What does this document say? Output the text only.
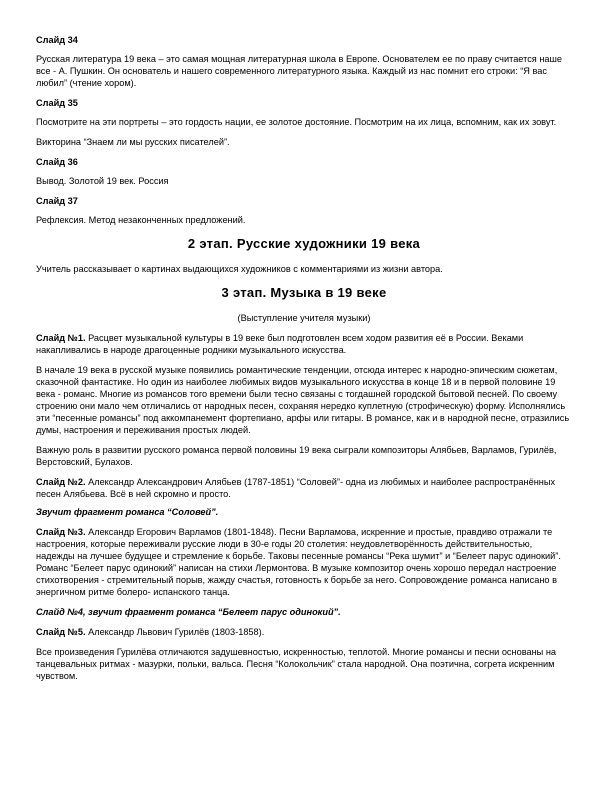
Слайд 34

Русская литература 19 века – это самая мощная литературная школа в Европе. Основателем ее по праву считается наше все - А. Пушкин. Он основатель и нашего современного литературного языка. Каждый из нас помнит его строки: “Я вас любил” (чтение хором).

Слайд 35

Посмотрите на эти портреты – это гордость нации, ее золотое достояние. Посмотрим на их лица, вспомним, как их зовут.

Викторина “Знаем ли мы русских писателей”.

Слайд 36

Вывод. Золотой 19 век. Россия

Слайд 37

Рефлексия. Метод незаконченных предложений.

2 этап. Русские художники 19 века

Учитель рассказывает о картинах выдающихся художников с комментариями из жизни автора.

3 этап. Музыка в 19 веке

(Выступление учителя музыки)

Слайд №1. Расцвет музыкальной культуры в 19 веке был подготовлен всем ходом развития её в России. Веками накапливались в народе драгоценные родники музыкального искусства.

В начале 19 века в русской музыке появились романтические тенденции, отсюда интерес к народно-эпическим сюжетам, сказочной фантастике. Но один из наиболее любимых видов музыкального искусства в конце 18 и в первой половине 19 века - романс. Многие из романсов того времени были тесно связаны с тогдашней городской бытовой песней. По своему строению они мало чем отличались от народных песен, сохраняя нередко куплетную (строфическую) форму. Исполнялись эти “песенные романсы” под аккомпанемент фортепиано, арфы или гитары. В романсе, как и в народной песне, отразились думы, настроения и переживания простых людей.

Важную роль в развитии русского романса первой половины 19 века сыграли композиторы Алябьев, Варламов, Гурилёв, Верстовский, Булахов.

Слайд №2. Александр Александрович Алябьев (1787-1851) “Соловей”- одна из любимых и наиболее распространённых песен Алябьева. Всё в ней скромно и просто.

Звучит фрагмент романса “Соловей”.

Слайд №3. Александр Егорович Варламов (1801-1848). Песни Варламова, искренние и простые, правдиво отражали те настроения, которые переживали русские люди в 30-е годы 20 столетия: неудовлетворённость действительностью, надежды на лучшее будущее и стремление к борьбе. Таковы песенные романсы “Река шумит” и “Белеет парус одинокий”. Романс “Белеет парус одинокий” написан на стихи Лермонтова. В музыке композитор очень хорошо передал настроение стихотворения - стремительный порыв, жажду счастья, готовность к борьбе за него. Сопровождение романса написано в энергичном ритме болеро- испанского танца.

Слайд №4, звучит фрагмент романса “Белеет парус одинокий”.

Слайд №5. Александр Львович Гурилёв (1803-1858).

Все произведения Гурилёва отличаются задушевностью, искренностью, теплотой. Многие романсы и песни основаны на танцевальных ритмах - мазурки, польки, вальса. Песня “Колокольчик” стала народной. Она поэтична, согрета искренним чувством.
